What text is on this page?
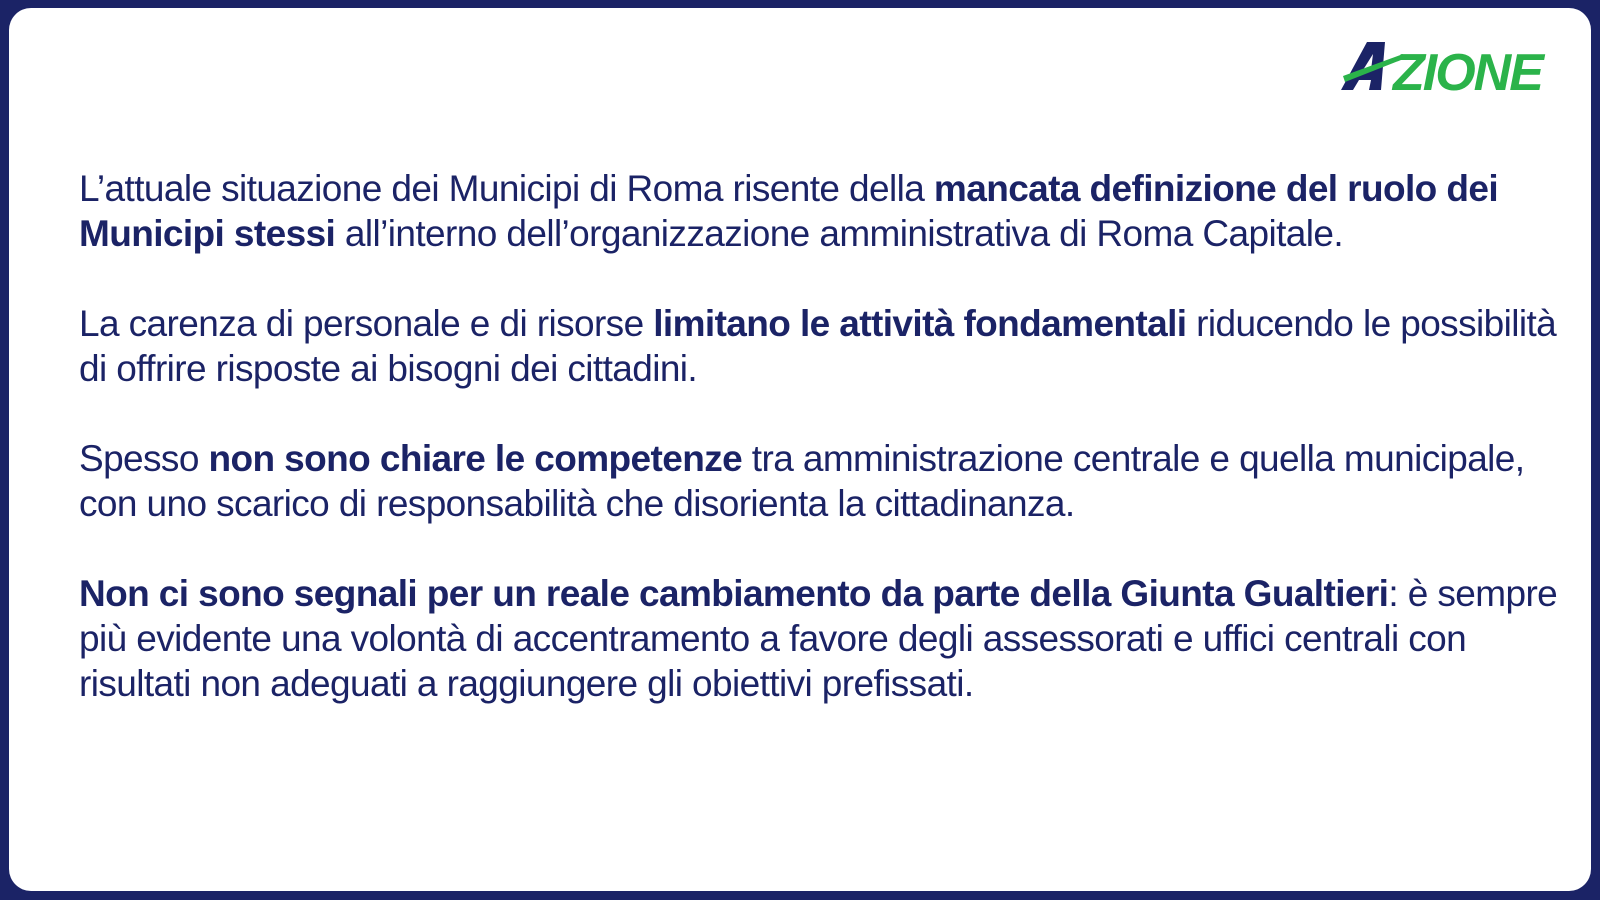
ZIONE

L’attuale situazione dei Municipi di Roma risente della mancata definizione del ruolo dei Municipi stessi all’interno dell’organizzazione amministrativa di Roma Capitale.

La carenza di personale e di risorse limitano le attività fondamentali riducendo le possibilità di offrire risposte ai bisogni dei cittadini.

Spesso non sono chiare le competenze tra amministrazione centrale e quella municipale, con uno scarico di responsabilità che disorienta la cittadinanza.

Non ci sono segnali per un reale cambiamento da parte della Giunta Gualtieri: è sempre più evidente una volontà di accentramento a favore degli assessorati e uffici centrali con risultati non adeguati a raggiungere gli obiettivi prefissati.
